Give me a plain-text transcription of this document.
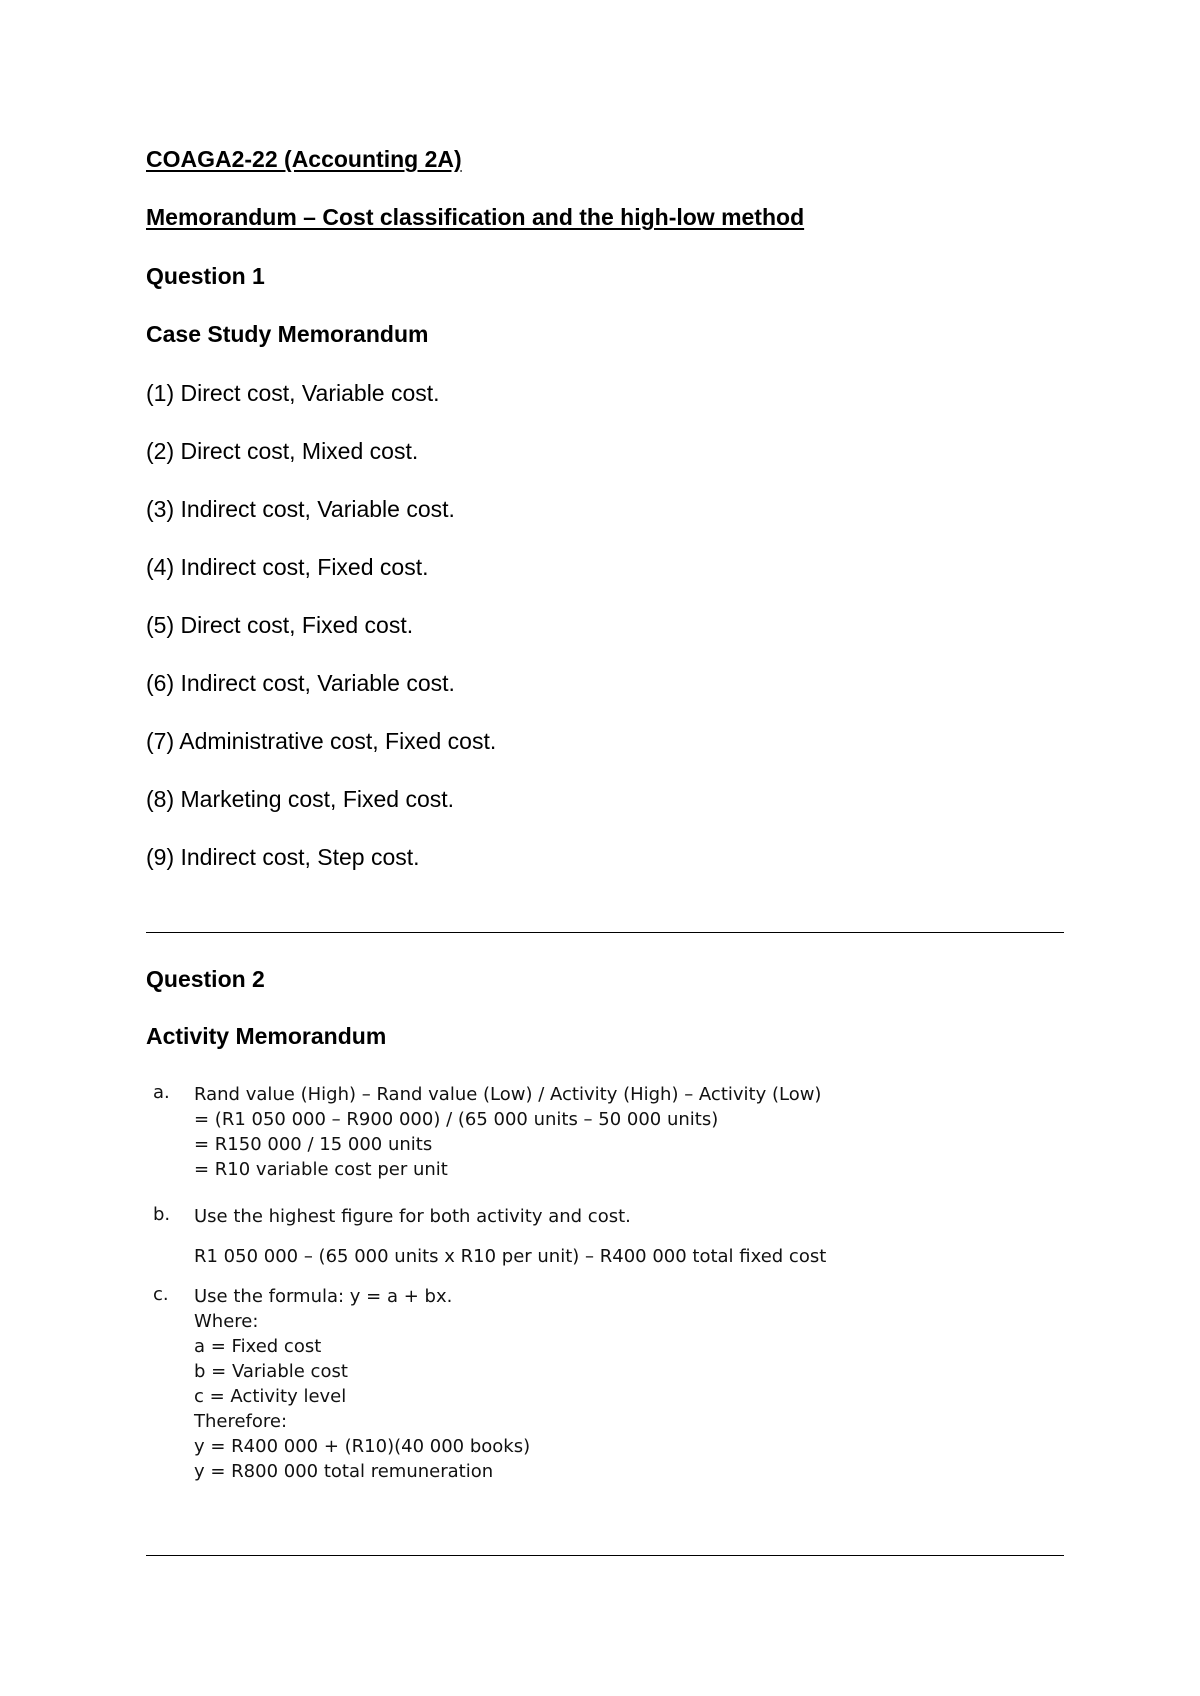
COAGA2-22 (Accounting 2A)
Memorandum – Cost classification and the high-low method
Question 1
Case Study Memorandum
(1) Direct cost, Variable cost.
(2) Direct cost, Mixed cost.
(3) Indirect cost, Variable cost.
(4) Indirect cost, Fixed cost.
(5) Direct cost, Fixed cost.
(6) Indirect cost, Variable cost.
(7) Administrative cost, Fixed cost.
(8) Marketing cost, Fixed cost.
(9) Indirect cost, Step cost.
Question 2
Activity Memorandum
a. Rand value (High) – Rand value (Low) / Activity (High) – Activity (Low)
= (R1 050 000 – R900 000) / (65 000 units – 50 000 units)
= R150 000 / 15 000 units
= R10 variable cost per unit
b. Use the highest figure for both activity and cost.
R1 050 000 – (65 000 units x R10 per unit) – R400 000 total fixed cost
c. Use the formula: y = a + bx.
Where:
a = Fixed cost
b = Variable cost
c = Activity level
Therefore:
y = R400 000 + (R10)(40 000 books)
y = R800 000 total remuneration
